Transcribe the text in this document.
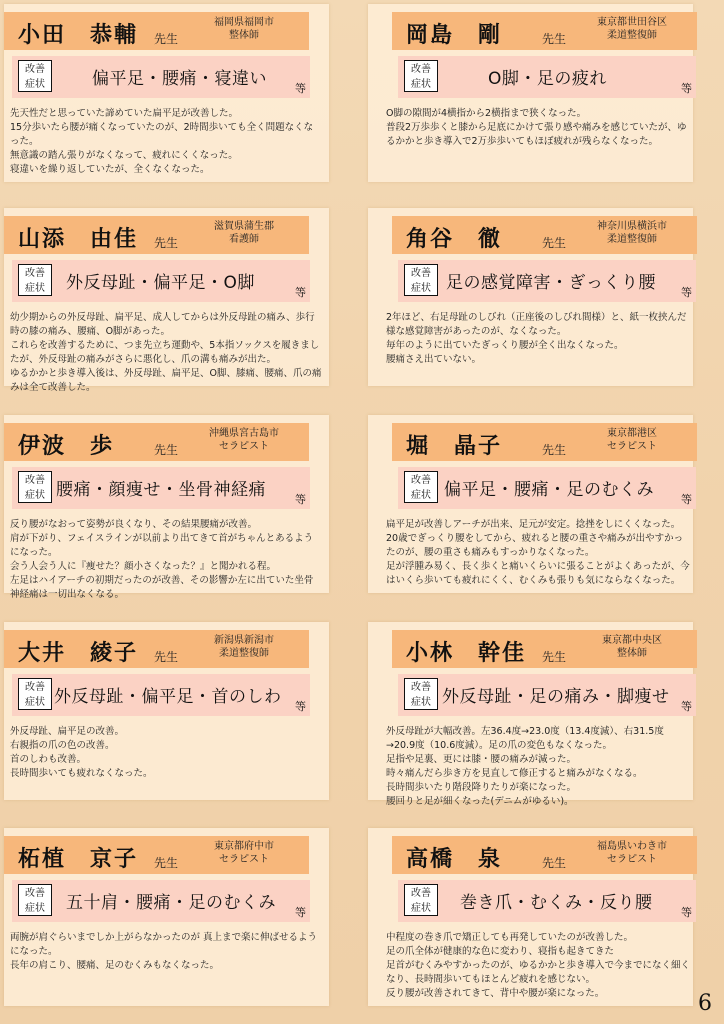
小田　恭輔 先生
福岡県福岡市
整体師
改善
症状	偏平足・腰痛・寝違い	等
先天性だと思っていた諦めていた扁平足が改善した。
15分歩いたら腰が痛くなっていたのが、2時間歩いても全く問題なくなった。
無意識の踏ん張りがなくなって、疲れにくくなった。
寝違いを繰り返していたが、全くなくなった。
岡島　剛	先生
東京都世田谷区
柔道整復師
改善
症状	O脚・足の疲れ	等
O脚の隙間が4横指から2横指まで狭くなった。
普段2万歩歩くと膝から足底にかけて張り感や痛みを感じていたが、ゆるかかと歩き導入で2万歩歩いてもほぼ疲れが残らなくなった。
山添　由佳 先生
滋賀県蒲生郡
看護師
改善
症状	外反母趾・偏平足・O脚	等
幼少期からの外反母趾、扁平足、成人してからは外反母趾の痛み、歩行時の膝の痛み、腰痛、O脚があった。
これらを改善するために、つま先立ち運動や、5本指ソックスを履きましたが、外反母趾の痛みがさらに悪化し、爪の溝も痛みが出た。
ゆるかかと歩き導入後は、外反母趾、扁平足、O脚、膝痛、腰痛、爪の痛みは全て改善した。
角谷　徹	先生
神奈川県横浜市
柔道整復師
改善
症状 足の感覚障害・ぎっくり腰 等
2年ほど、右足母趾のしびれ（正座後のしびれ間様）と、紙一枚挟んだ様な感覚障害があったのが、なくなった。
毎年のように出ていたぎっくり腰が全く出なくなった。
腰痛さえ出ていない。
伊波　歩	先生
沖縄県宮古島市
セラピスト
改善
症状 腰痛・顔痩せ・坐骨神経痛	等
反り腰がなおって姿勢が良くなり、その結果腰痛が改善。
肩が下がり、フェイスラインが以前より出てきて首がちゃんとあるようになった。
会う人会う人に『痩せた？顔小さくなった？』と聞かれる程。
左足はハイアーチの初期だったのが改善、その影響か左に出ていた坐骨神経痛は一切出なくなる。
堀　晶子	先生
東京都港区
セラピスト
改善
症状 偏平足・腰痛・足のむくみ 等
扁平足が改善しアーチが出来、足元が安定。捻挫をしにくくなった。
20歳でぎっくり腰をしてから、疲れると腰の重さや痛みが出やすかったのが、腰の重さも痛みもすっかりなくなった。
足が浮腫み易く、長く歩くと痛いくらいに張ることがよくあったが、今はいくら歩いても疲れにくく、むくみも張りも気にならなくなった。
大井　綾子 先生
新潟県新潟市
柔道整復師
改善
症状 外反母趾・偏平足・首のしわ 等
外反母趾、扁平足の改善。
右親指の爪の色の改善。
首のしわも改善。
長時間歩いても疲れなくなった。
小林　幹佳 先生
東京都中央区
整体師
改善
症状 外反母趾・足の痛み・脚痩せ 等
外反母趾が大幅改善。左36.4度→23.0度（13.4度減）、右31.5度→20.9度（10.6度減）。足の爪の変色もなくなった。
足指や足裏、更には膝・腰の痛みが減った。
時々痛んだら歩き方を見直して修正すると痛みがなくなる。
長時間歩いたり階段降りたりが楽になった。
腰回りと足が細くなった(デニムがゆるい)。
柘植　京子 先生
東京都府中市
セラピスト
改善
症状	五十肩・腰痛・足のむくみ 等
両腕が肩ぐらいまでしか上がらなかったのが 真上まで楽に伸ばせるようになった。
長年の肩こり、腰痛、足のむくみもなくなった。
高橋　泉	先生
福島県いわき市
セラピスト
改善
症状	巻き爪・むくみ・反り腰	等
中程度の巻き爪で矯正しても再発していたのが改善した。
足の爪全体が健康的な色に変わり、寝指も起きてきた
足首がむくみやすかったのが、ゆるかかと歩き導入で今までになく細くなり、長時間歩いてもほとんど疲れを感じない。
反り腰が改善されてきて、背中や腰が楽になった。	6
